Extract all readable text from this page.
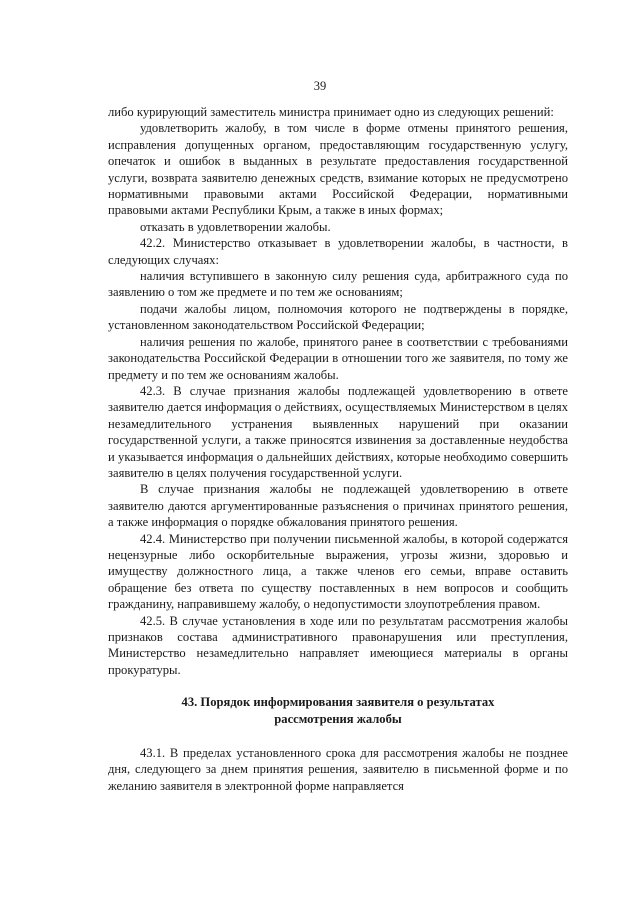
39

либо курирующий заместитель министра принимает одно из следующих решений:

удовлетворить жалобу, в том числе в форме отмены принятого решения, исправления допущенных органом, предоставляющим государственную услугу, опечаток и ошибок в выданных в результате предоставления государственной услуги, возврата заявителю денежных средств, взимание которых не предусмотрено нормативными правовыми актами Российской Федерации, нормативными правовыми актами Республики Крым, а также в иных формах;

отказать в удовлетворении жалобы.

42.2. Министерство отказывает в удовлетворении жалобы, в частности, в следующих случаях:

наличия вступившего в законную силу решения суда, арбитражного суда по заявлению о том же предмете и по тем же основаниям;

подачи жалобы лицом, полномочия которого не подтверждены в порядке, установленном законодательством Российской Федерации;

наличия решения по жалобе, принятого ранее в соответствии с требованиями законодательства Российской Федерации в отношении того же заявителя, по тому же предмету и по тем же основаниям жалобы.

42.3. В случае признания жалобы подлежащей удовлетворению в ответе заявителю дается информация о действиях, осуществляемых Министерством в целях незамедлительного устранения выявленных нарушений при оказании государственной услуги, а также приносятся извинения за доставленные неудобства и указывается информация о дальнейших действиях, которые необходимо совершить заявителю в целях получения государственной услуги.

В случае признания жалобы не подлежащей удовлетворению в ответе заявителю даются аргументированные разъяснения о причинах принятого решения, а также информация о порядке обжалования принятого решения.

42.4. Министерство при получении письменной жалобы, в которой содержатся нецензурные либо оскорбительные выражения, угрозы жизни, здоровью и имуществу должностного лица, а также членов его семьи, вправе оставить обращение без ответа по существу поставленных в нем вопросов и сообщить гражданину, направившему жалобу, о недопустимости злоупотребления правом.

42.5. В случае установления в ходе или по результатам рассмотрения жалобы признаков состава административного правонарушения или преступления, Министерство незамедлительно направляет имеющиеся материалы в органы прокуратуры.

43. Порядок информирования заявителя о результатах рассмотрения жалобы

43.1. В пределах установленного срока для рассмотрения жалобы не позднее дня, следующего за днем принятия решения, заявителю в письменной форме и по желанию заявителя в электронной форме направляется
